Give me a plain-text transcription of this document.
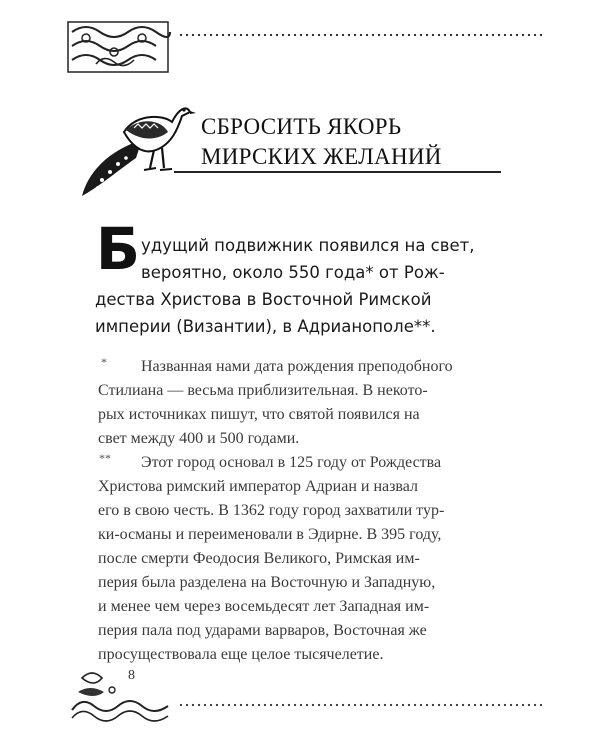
СБРОСИТЬ ЯКОРЬ
МИРСКИХ ЖЕЛАНИЙ
Б удущий подвижник появился на свет,
вероятно, около 550 года* от Рож-
дества Христова в Восточной Римской
империи (Византии), в Адрианополе**.
* Названная нами дата рождения преподобного
Стилиана — весьма приблизительная. В некото-
рых источниках пишут, что святой появился на
свет между 400 и 500 годами.
** Этот город основал в 125 году от Рождества
Христова римский император Адриан и назвал
его в свою честь. В 1362 году город захватили тур-
ки-османы и переименовали в Эдирне. В 395 году,
после смерти Феодосия Великого, Римская им-
перия была разделена на Восточную и Западную,
и менее чем через восемьдесят лет Западная им-
перия пала под ударами варваров, Восточная же
просуществовала еще целое тысячелетие.
8
